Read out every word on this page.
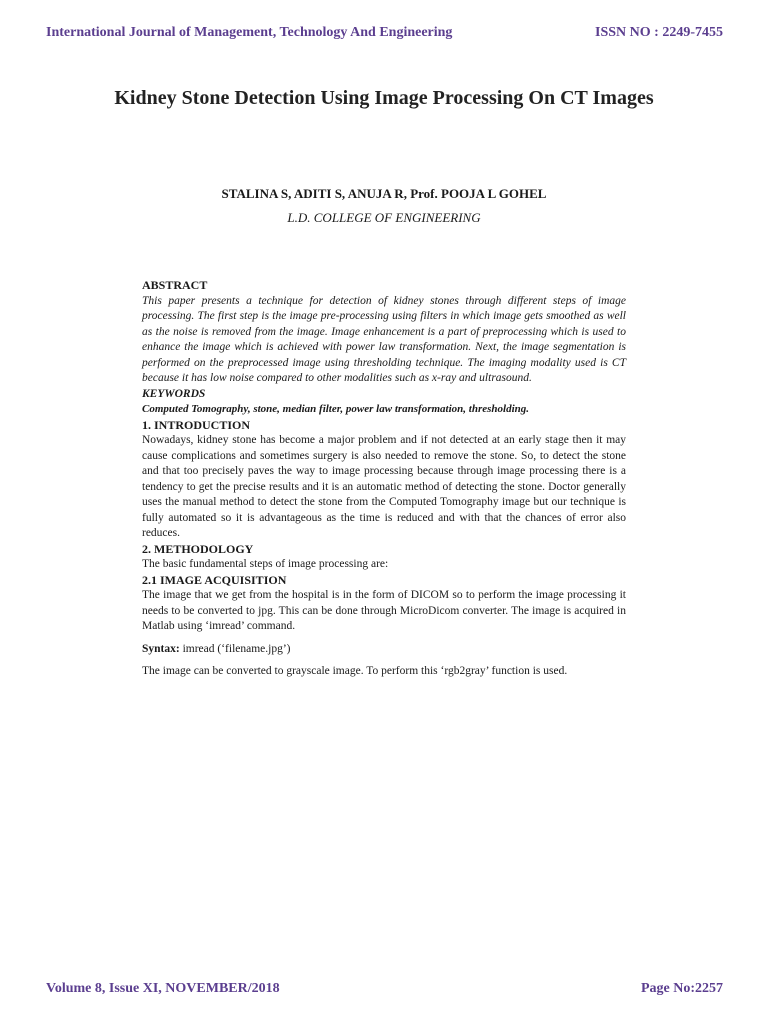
International Journal of Management, Technology And Engineering	ISSN NO : 2249-7455
Kidney Stone Detection Using Image Processing On CT Images
STALINA S, ADITI S, ANUJA R, Prof. POOJA L GOHEL
L.D. COLLEGE OF ENGINEERING

ABSTRACT

This paper presents a technique for detection of kidney stones through different steps of image processing. The first step is the image pre-processing using filters in which image gets smoothed as well as the noise is removed from the image. Image enhancement is a part of preprocessing which is used to enhance the image which is achieved with power law transformation. Next, the image segmentation is performed on the preprocessed image using thresholding technique. The imaging modality used is CT because it has low noise compared to other modalities such as x-ray and ultrasound.

KEYWORDS

Computed Tomography, stone, median filter, power law transformation, thresholding.

1. INTRODUCTION

Nowadays, kidney stone has become a major problem and if not detected at an early stage then it may cause complications and sometimes surgery is also needed to remove the stone. So, to detect the stone and that too precisely paves the way to image processing because through image processing there is a tendency to get the precise results and it is an automatic method of detecting the stone. Doctor generally uses the manual method to detect the stone from the Computed Tomography image but our technique is fully automated so it is advantageous as the time is reduced and with that the chances of error also reduces.

2. METHODOLOGY

The basic fundamental steps of image processing are:

2.1 IMAGE ACQUISITION

The image that we get from the hospital is in the form of DICOM so to perform the image processing it needs to be converted to jpg. This can be done through MicroDicom converter. The image is acquired in Matlab using ‘imread’ command.

Syntax: imread (‘filename.jpg’)

The image can be converted to grayscale image. To perform this ‘rgb2gray’ function is used.

Volume 8, Issue XI, NOVEMBER/2018	Page No:2257
